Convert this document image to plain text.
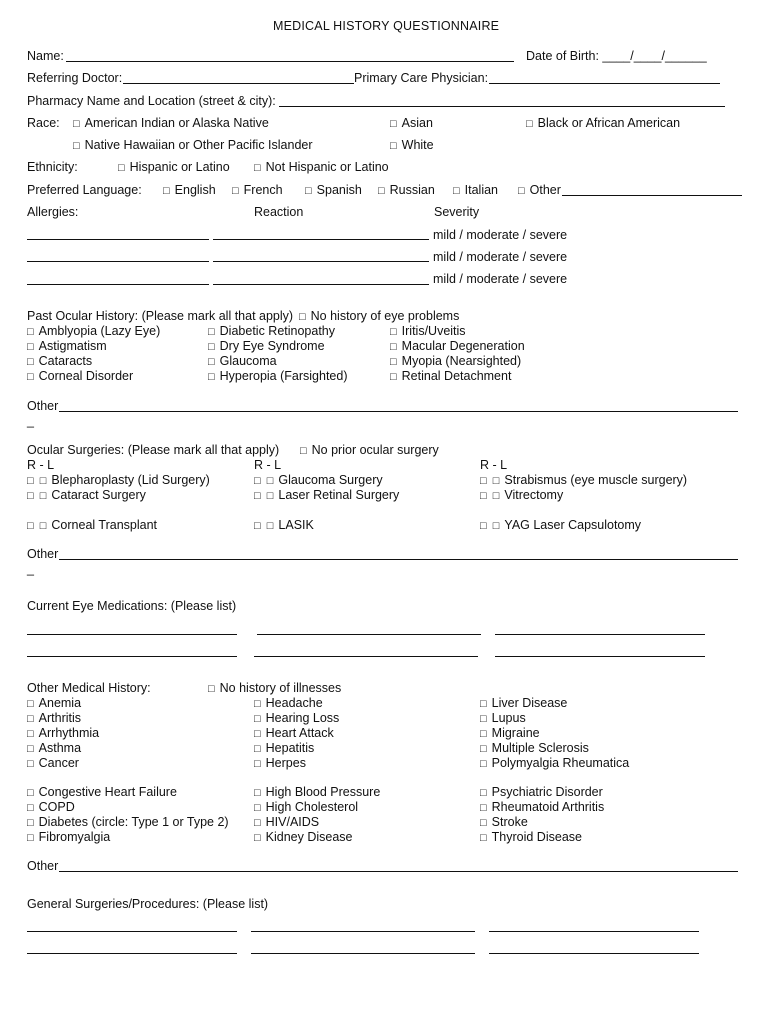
MEDICAL HISTORY QUESTIONNAIRE
Name:	Date of Birth: ____/____/______
Referring Doctor:	Primary Care Physician:
Pharmacy Name and Location (street & city):
Race:	□ American Indian or Alaska Native	□ Asian	□ Black or African American
□ Native Hawaiian or Other Pacific Islander	□ White
Ethnicity:	□ Hispanic or Latino	□ Not Hispanic or Latino
Preferred Language:	□ English	□ French	□ Spanish	□ Russian	□ Italian	□ Other
Allergies:	Reaction	Severity
mild / moderate / severe
mild / moderate / severe
mild / moderate / severe
Past Ocular History: (Please mark all that apply)	□ No history of eye problems
□ Amblyopia (Lazy Eye)	□ Diabetic Retinopathy	□ Iritis/Uveitis
□ Astigmatism	□ Dry Eye Syndrome	□ Macular Degeneration
□ Cataracts	□ Glaucoma	□ Myopia (Nearsighted)
□ Corneal Disorder	□ Hyperopia (Farsighted)	□ Retinal Detachment
Other
_
Ocular Surgeries: (Please mark all that apply)	□ No prior ocular surgery
R - L	R - L	R - L
□  □ Blepharoplasty (Lid Surgery)	□  □ Glaucoma Surgery	□  □ Strabismus (eye muscle surgery)
□  □ Cataract Surgery	□  □ Laser Retinal Surgery	□  □ Vitrectomy
□  □ Corneal Transplant	□  □ LASIK	□  □ YAG Laser Capsulotomy
Other
_
Current Eye Medications: (Please list)
Other Medical History:	□ No history of illnesses
□ Anemia	□ Headache	□ Liver Disease
□ Arthritis	□ Hearing Loss	□ Lupus
□ Arrhythmia	□ Heart Attack	□ Migraine
□ Asthma	□ Hepatitis	□ Multiple Sclerosis
□ Cancer	□ Herpes	□ Polymyalgia Rheumatica
□ Congestive Heart Failure	□ High Blood Pressure	□ Psychiatric Disorder
□ COPD	□ High Cholesterol	□ Rheumatoid Arthritis
□ Diabetes (circle: Type 1 or Type 2)	□ HIV/AIDS	□ Stroke
□ Fibromyalgia	□ Kidney Disease	□ Thyroid Disease
Other
General Surgeries/Procedures: (Please list)
